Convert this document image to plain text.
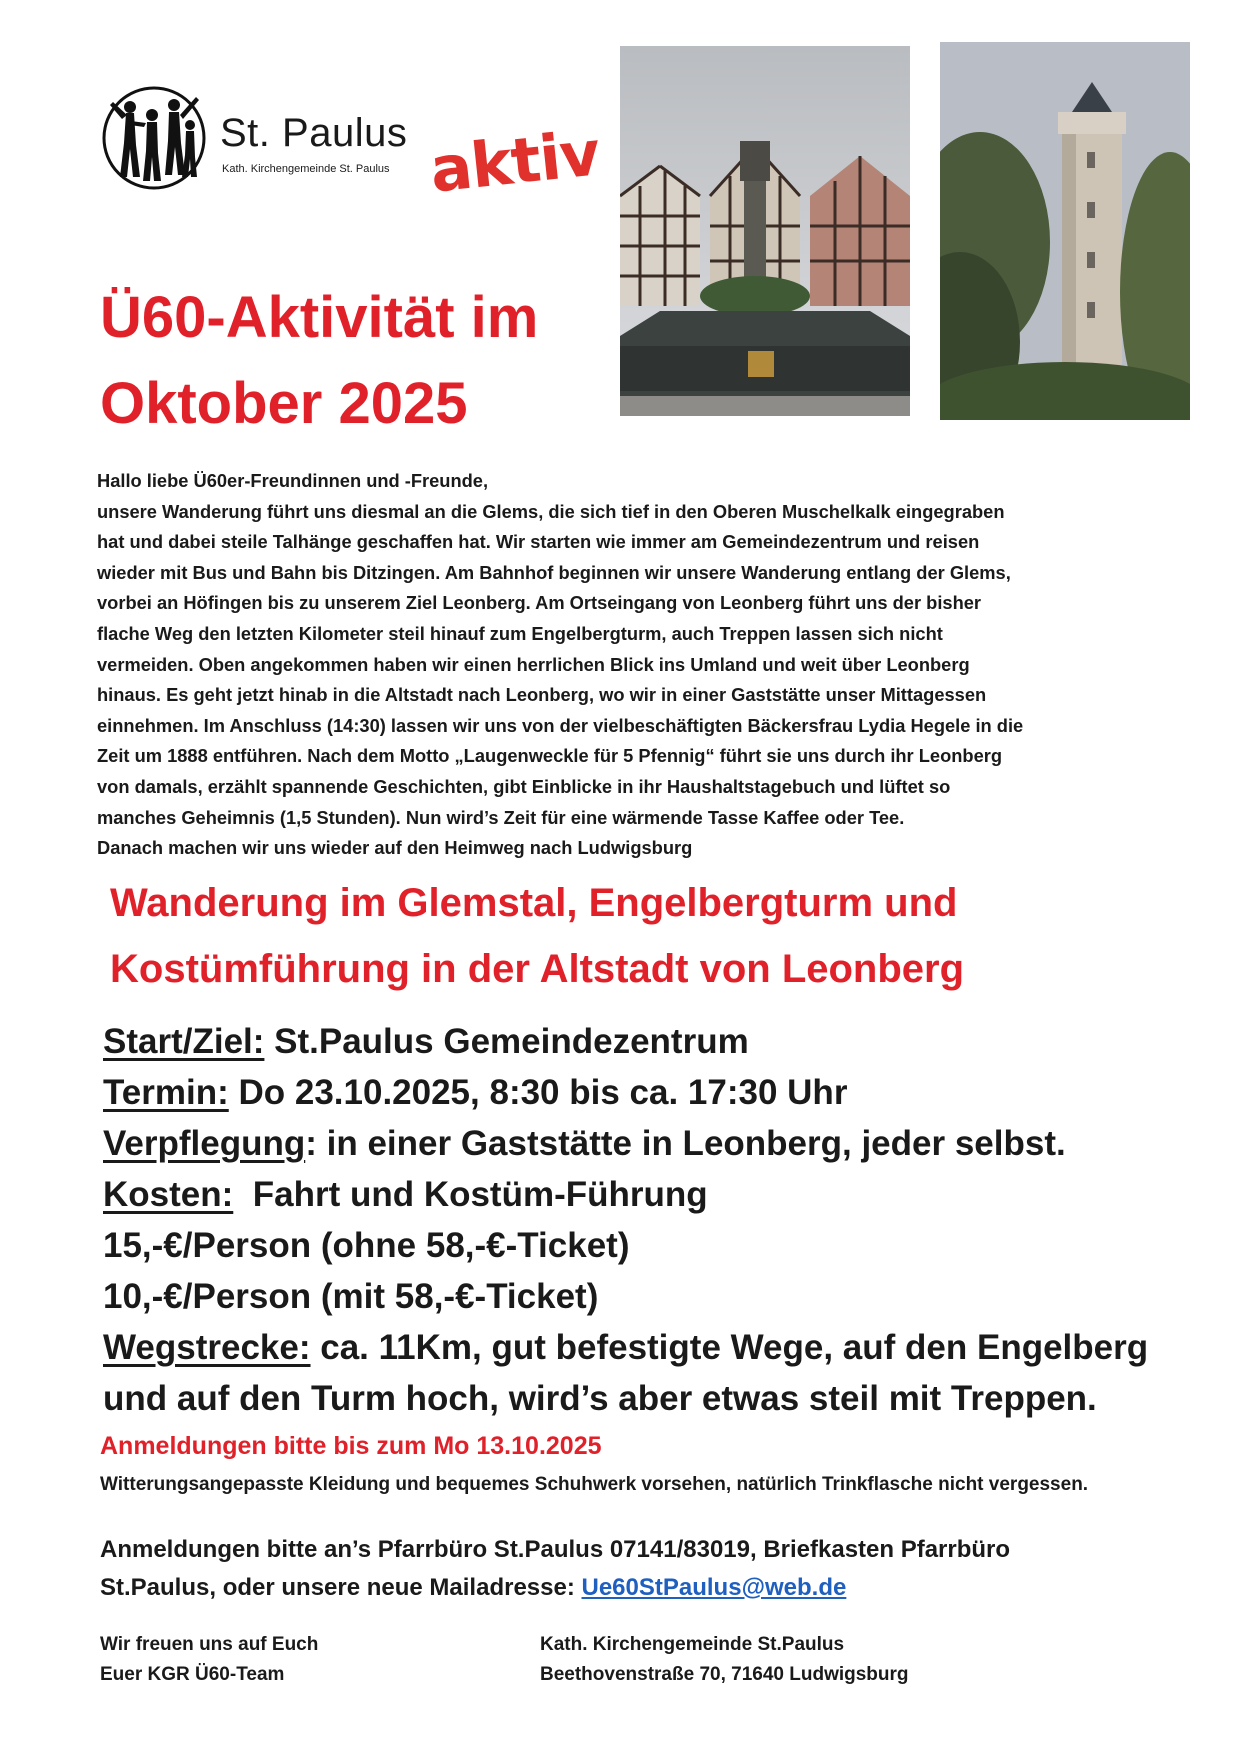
St. Paulus
Kath. Kirchengemeinde St. Paulus aktiv
Ü60-Aktivität im
Oktober 2025
Hallo liebe Ü60er-Freundinnen und -Freunde,
unsere Wanderung führt uns diesmal an die Glems, die sich tief in den Oberen Muschelkalk eingegraben
hat und dabei steile Talhänge geschaffen hat. Wir starten wie immer am Gemeindezentrum und reisen
wieder mit Bus und Bahn bis Ditzingen. Am Bahnhof beginnen wir unsere Wanderung entlang der Glems,
vorbei an Höfingen bis zu unserem Ziel Leonberg. Am Ortseingang von Leonberg führt uns der bisher
flache Weg den letzten Kilometer steil hinauf zum Engelbergturm, auch Treppen lassen sich nicht
vermeiden. Oben angekommen haben wir einen herrlichen Blick ins Umland und weit über Leonberg
hinaus. Es geht jetzt hinab in die Altstadt nach Leonberg, wo wir in einer Gaststätte unser Mittagessen
einnehmen. Im Anschluss (14:30) lassen wir uns von der vielbeschäftigten Bäckersfrau Lydia Hegele in die
Zeit um 1888 entführen. Nach dem Motto „Laugenweckle für 5 Pfennig“ führt sie uns durch ihr Leonberg
von damals, erzählt spannende Geschichten, gibt Einblicke in ihr Haushaltstagebuch und lüftet so
manches Geheimnis (1,5 Stunden). Nun wird’s Zeit für eine wärmende Tasse Kaffee oder Tee.
Danach machen wir uns wieder auf den Heimweg nach Ludwigsburg
Wanderung im Glemstal, Engelbergturm und
Kostümführung in der Altstadt von Leonberg
Start/Ziel: St.Paulus Gemeindezentrum
Termin: Do 23.10.2025, 8:30 bis ca. 17:30 Uhr
Verpflegung: in einer Gaststätte in Leonberg, jeder selbst.
Kosten:  Fahrt und Kostüm-Führung
15,-€/Person (ohne 58,-€-Ticket)
10,-€/Person (mit 58,-€-Ticket)
Wegstrecke: ca. 11Km, gut befestigte Wege, auf den Engelberg
und auf den Turm hoch, wird’s aber etwas steil mit Treppen.
Anmeldungen bitte bis zum Mo 13.10.2025
Witterungsangepasste Kleidung und bequemes Schuhwerk vorsehen, natürlich Trinkflasche nicht vergessen.
Anmeldungen bitte an’s Pfarrbüro St.Paulus 07141/83019, Briefkasten Pfarrbüro
St.Paulus, oder unsere neue Mailadresse: Ue60StPaulus@web.de
Wir freuen uns auf Euch
Euer KGR Ü60-Team
Kath. Kirchengemeinde St.Paulus
Beethovenstraße 70, 71640 Ludwigsburg
